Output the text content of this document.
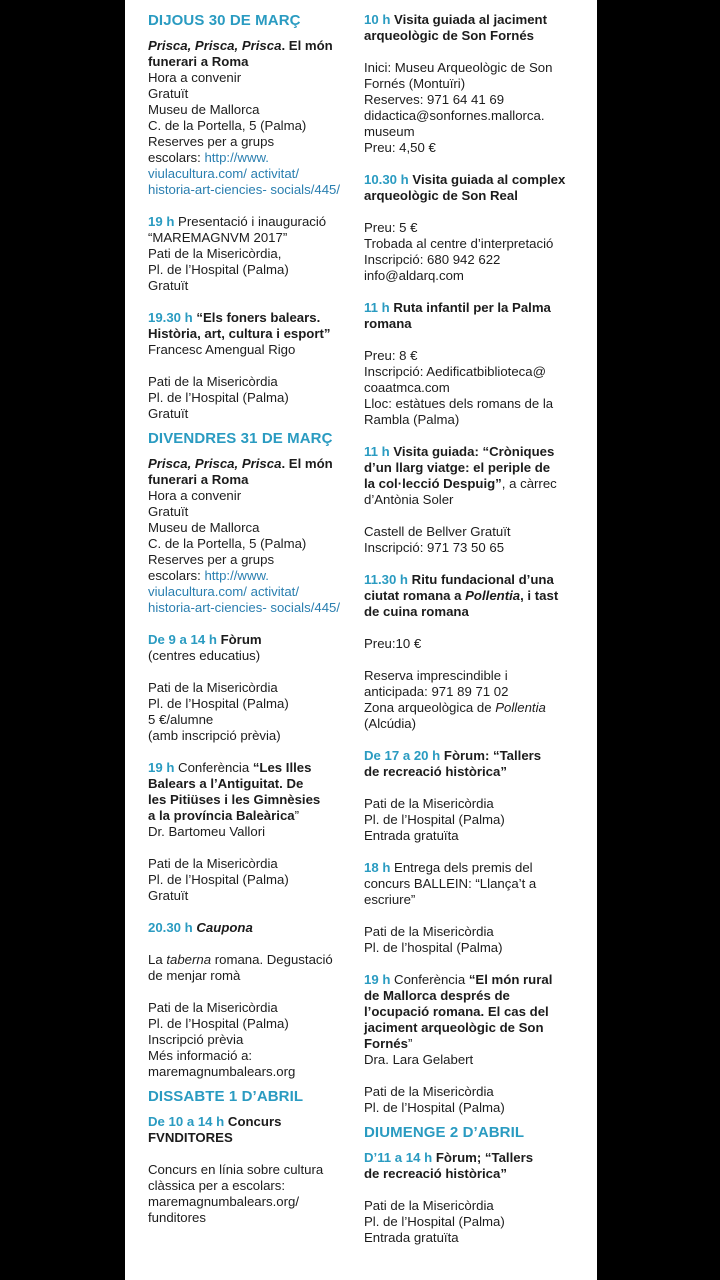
DIJOUS 30 DE MARÇ
Prisca, Prisca, Prisca. El món
funerari a Roma
Hora a convenir
Gratuït
Museu de Mallorca
C. de la Portella, 5 (Palma)
Reserves per a grups
escolars: http://www.
viulacultura.com/ activitat/
historia-art-ciencies- socials/445/
19 h Presentació i inauguració
“MAREMAGNVM 2017”
Pati de la Misericòrdia,
Pl. de l’Hospital (Palma)
Gratuït
19.30 h “Els foners balears.
Història, art, cultura i esport”
Francesc Amengual Rigo
Pati de la Misericòrdia
Pl. de l’Hospital (Palma)
Gratuït
DIVENDRES 31 DE MARÇ
Prisca, Prisca, Prisca. El món
funerari a Roma
Hora a convenir
Gratuït
Museu de Mallorca
C. de la Portella, 5 (Palma)
Reserves per a grups
escolars: http://www.
viulacultura.com/ activitat/
historia-art-ciencies- socials/445/
De 9 a 14 h Fòrum
(centres educatius)
Pati de la Misericòrdia
Pl. de l’Hospital (Palma)
5 €/alumne
(amb inscripció prèvia)
19 h Conferència “Les Illes
Balears a l’Antiguitat. De
les Pitiüses i les Gimnèsies
a la província Baleàrica”
Dr. Bartomeu Vallori
Pati de la Misericòrdia
Pl. de l’Hospital (Palma)
Gratuït
20.30 h Caupona
La taberna romana. Degustació
de menjar romà
Pati de la Misericòrdia
Pl. de l’Hospital (Palma)
Inscripció prèvia
Més informació a:
maremagnumbalears.org
DISSABTE 1 D’ABRIL
De 10 a 14 h Concurs
FVNDITORES
Concurs en línia sobre cultura
clàssica per a escolars:
maremagnumbalears.org/
funditores
10 h Visita guiada al jaciment
arqueològic de Son Fornés
Inici: Museu Arqueològic de Son
Fornés (Montuïri)
Reserves: 971 64 41 69
didactica@sonfornes.mallorca.
museum
Preu: 4,50 €
10.30 h Visita guiada al complex
arqueològic de Son Real
Preu: 5 €
Trobada al centre d’interpretació
Inscripció: 680 942 622
info@aldarq.com
11 h Ruta infantil per la Palma
romana
Preu: 8 €
Inscripció: Aedificatbiblioteca@
coaatmca.com
Lloc: estàtues dels romans de la
Rambla (Palma)
11 h Visita guiada: “Cròniques
d’un llarg viatge: el periple de
la col·lecció Despuig”, a càrrec
d’Antònia Soler
Castell de Bellver Gratuït
Inscripció: 971 73 50 65
11.30 h Ritu fundacional d’una
ciutat romana a Pollentia, i tast
de cuina romana
Preu:10 €
Reserva imprescindible i
anticipada: 971 89 71 02
Zona arqueològica de Pollentia
(Alcúdia)
De 17 a 20 h Fòrum: “Tallers
de recreació històrica”
Pati de la Misericòrdia
Pl. de l’Hospital (Palma)
Entrada gratuïta
18 h Entrega dels premis del
concurs BALLEIN: “Llança’t a
escriure”
Pati de la Misericòrdia
Pl. de l’hospital (Palma)
19 h Conferència “El món rural
de Mallorca després de
l’ocupació romana. El cas del
jaciment arqueològic de Son
Fornés”
Dra. Lara Gelabert
Pati de la Misericòrdia
Pl. de l’Hospital (Palma)
DIUMENGE 2 D’ABRIL
D’11 a 14 h Fòrum; “Tallers
de recreació històrica”
Pati de la Misericòrdia
Pl. de l’Hospital (Palma)
Entrada gratuïta
